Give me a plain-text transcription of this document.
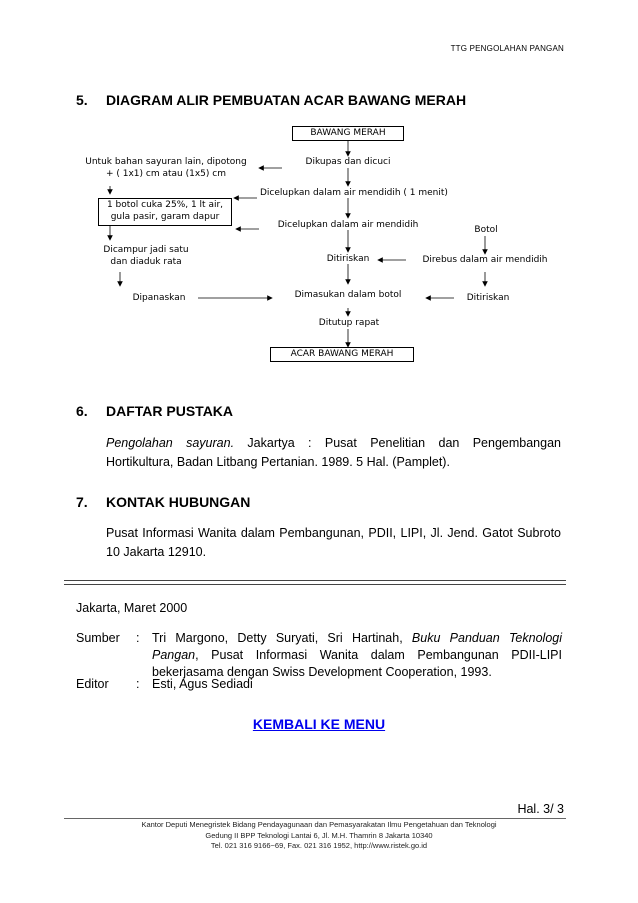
TTG PENGOLAHAN PANGAN
5. DIAGRAM ALIR PEMBUATAN ACAR BAWANG MERAH
BAWANG MERAH
Dikupas dan dicuci
Dicelupkan dalam air mendidih ( 1 menit)
Dicelupkan dalam air mendidih
Ditiriskan
Dimasukan dalam botol
Ditutup rapat
ACAR BAWANG MERAH
Untuk bahan sayuran lain, dipotong
+ ( 1x1) cm atau (1x5) cm
1 botol cuka 25%, 1 lt air,
gula pasir, garam dapur
Dicampur jadi satu
dan diaduk rata
Dipanaskan
Botol
Direbus dalam air mendidih
Ditiriskan
6. DAFTAR PUSTAKA
Pengolahan sayuran. Jakartya : Pusat Penelitian dan Pengembangan Hortikultura, Badan Litbang Pertanian. 1989. 5 Hal. (Pamplet).
7. KONTAK HUBUNGAN
Pusat Informasi Wanita dalam Pembangunan, PDII, LIPI, Jl. Jend. Gatot Subroto 10 Jakarta 12910.
Jakarta, Maret 2000
Sumber : Tri Margono, Detty Suryati, Sri Hartinah, Buku Panduan Teknologi Pangan, Pusat Informasi Wanita dalam Pembangunan PDII-LIPI bekerjasama dengan Swiss Development Cooperation, 1993.
Editor : Esti, Agus Sediadi
KEMBALI KE MENU
Hal. 3/ 3
Kantor Deputi Menegristek Bidang Pendayagunaan dan Pemasyarakatan Ilmu Pengetahuan dan Teknologi
Gedung II BPP Teknologi Lantai 6, Jl. M.H. Thamrin 8 Jakarta 10340
Tel. 021 316 9166~69, Fax. 021 316 1952, http://www.ristek.go.id
